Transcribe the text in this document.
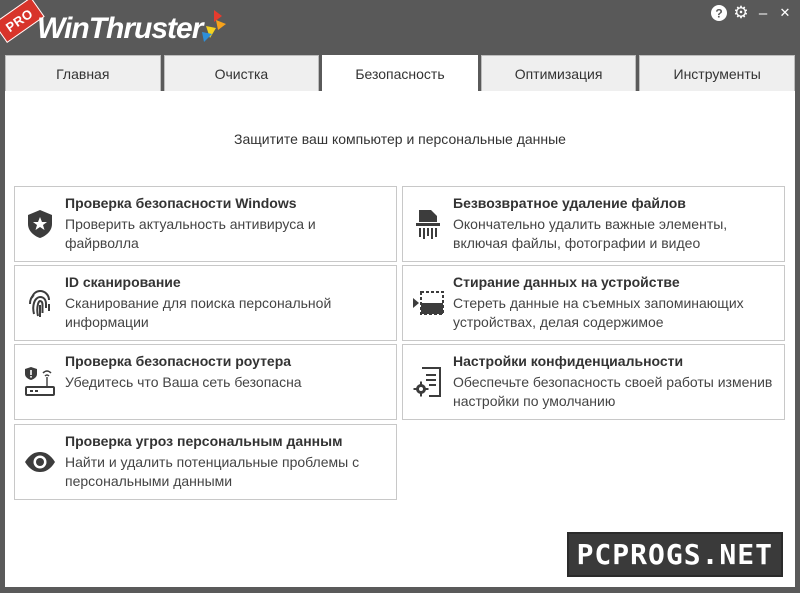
PRO WinThruster	? ⚙ – ✕
Главная	Очистка	Безопасность	Оптимизация	Инструменты
Защитите ваш компьютер и персональные данные
Проверка безопасности Windows
Проверить актуальность антивируса и файрволла
Безвозвратное удаление файлов
Окончательно удалить важные элементы, включая файлы, фотографии и видео
ID сканирование
Сканирование для поиска персональной информации
Стирание данных на устройстве
Стереть данные на съемных запоминающих устройствах, делая содержимое
Проверка безопасности роутера
Убедитесь что Ваша сеть безопасна
Настройки конфиденциальности
Обеспечьте безопасность своей работы изменив настройки по умолчанию
Проверка угроз персональным данным
Найти и удалить потенциальные проблемы с персональными данными
PCPROGS.NET
